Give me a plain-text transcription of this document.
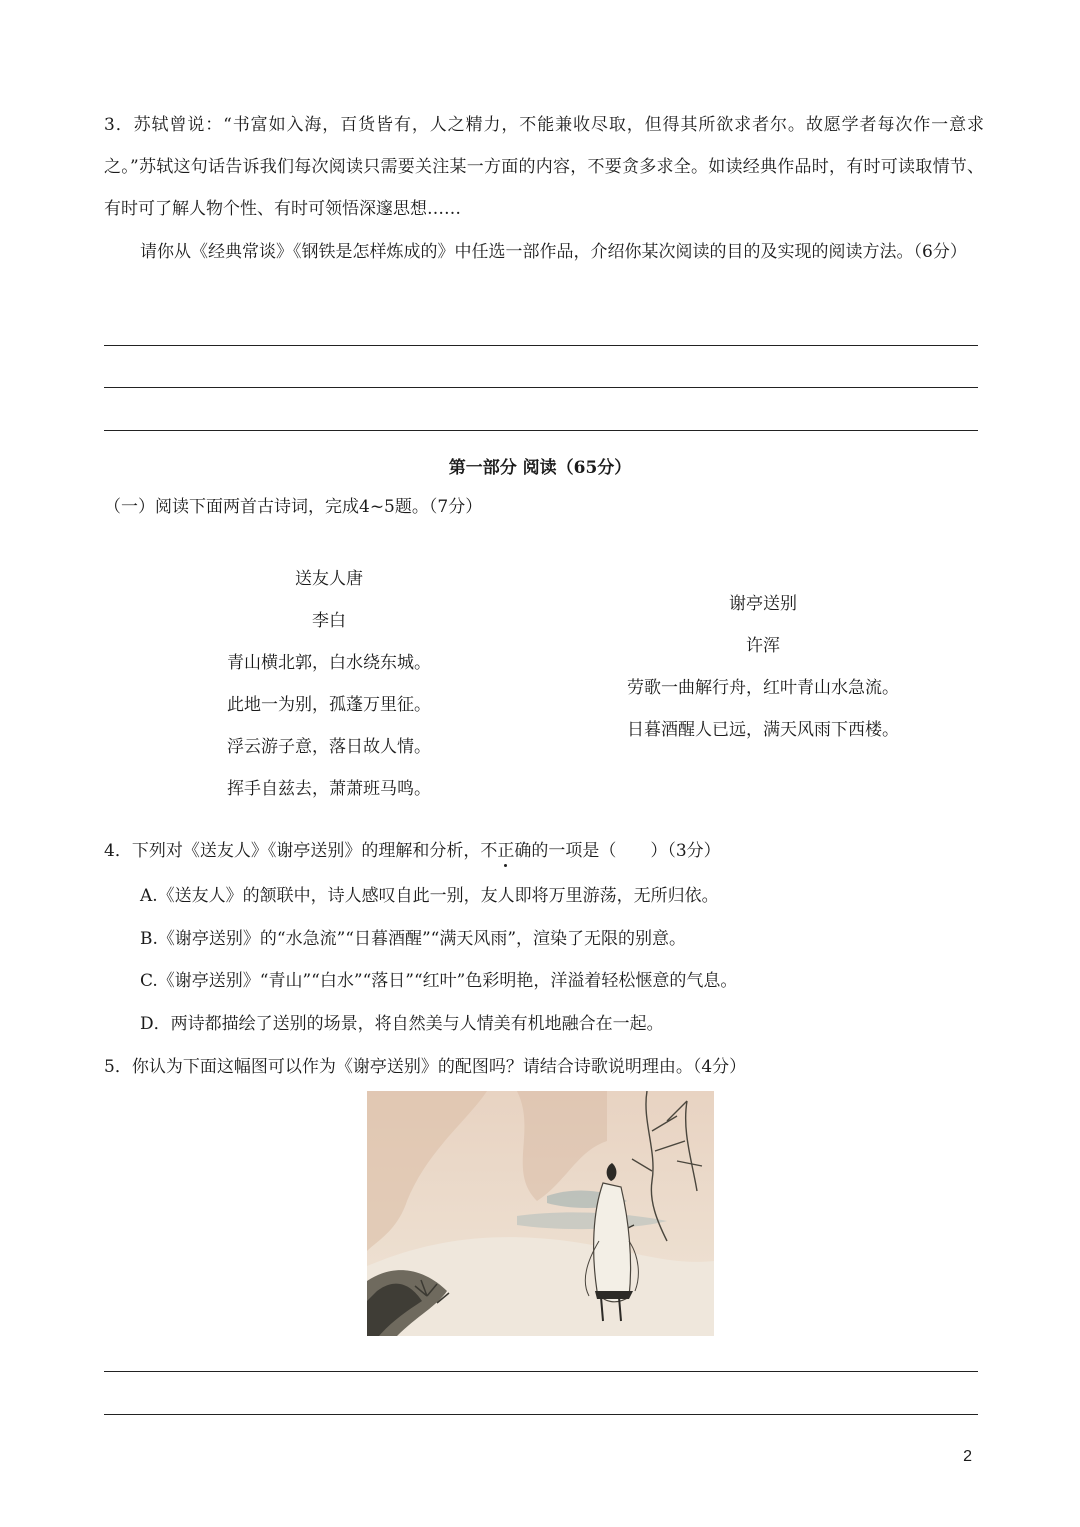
3．苏轼曾说：“书富如入海，百货皆有，人之精力，不能兼收尽取，但得其所欲求者尔。故愿学者每次作一意求之。”苏轼这句话告诉我们每次阅读只需要关注某一方面的内容，不要贪多求全。如读经典作品时，有时可读取情节、有时可了解人物个性、有时可领悟深邃思想……
请你从《经典常谈》《钢铁是怎样炼成的》中任选一部作品，介绍你某次阅读的目的及实现的阅读方法。（6分）
第一部分 阅读（65分）
（一）阅读下面两首古诗词，完成4~5题。（7分）
送友人唐
李白
青山横北郭，白水绕东城。
此地一为别，孤蓬万里征。
浮云游子意，落日故人情。
挥手自兹去，萧萧班马鸣。
谢亭送别
许浑
劳歌一曲解行舟，红叶青山水急流。
日暮酒醒人已远，满天风雨下西楼。
4．下列对《送友人》《谢亭送别》的理解和分析，不正确的一项是（　　）（3分）
A.《送友人》的颔联中，诗人感叹自此一别，友人即将万里游荡，无所归依。
B.《谢亭送别》的“水急流”“日暮酒醒”“满天风雨”，渲染了无限的别意。
C.《谢亭送别》“青山”“白水”“落日”“红叶”色彩明艳，洋溢着轻松惬意的气息。
D．两诗都描绘了送别的场景，将自然美与人情美有机地融合在一起。
5．你认为下面这幅图可以作为《谢亭送别》的配图吗？请结合诗歌说明理由。（4分）
2
